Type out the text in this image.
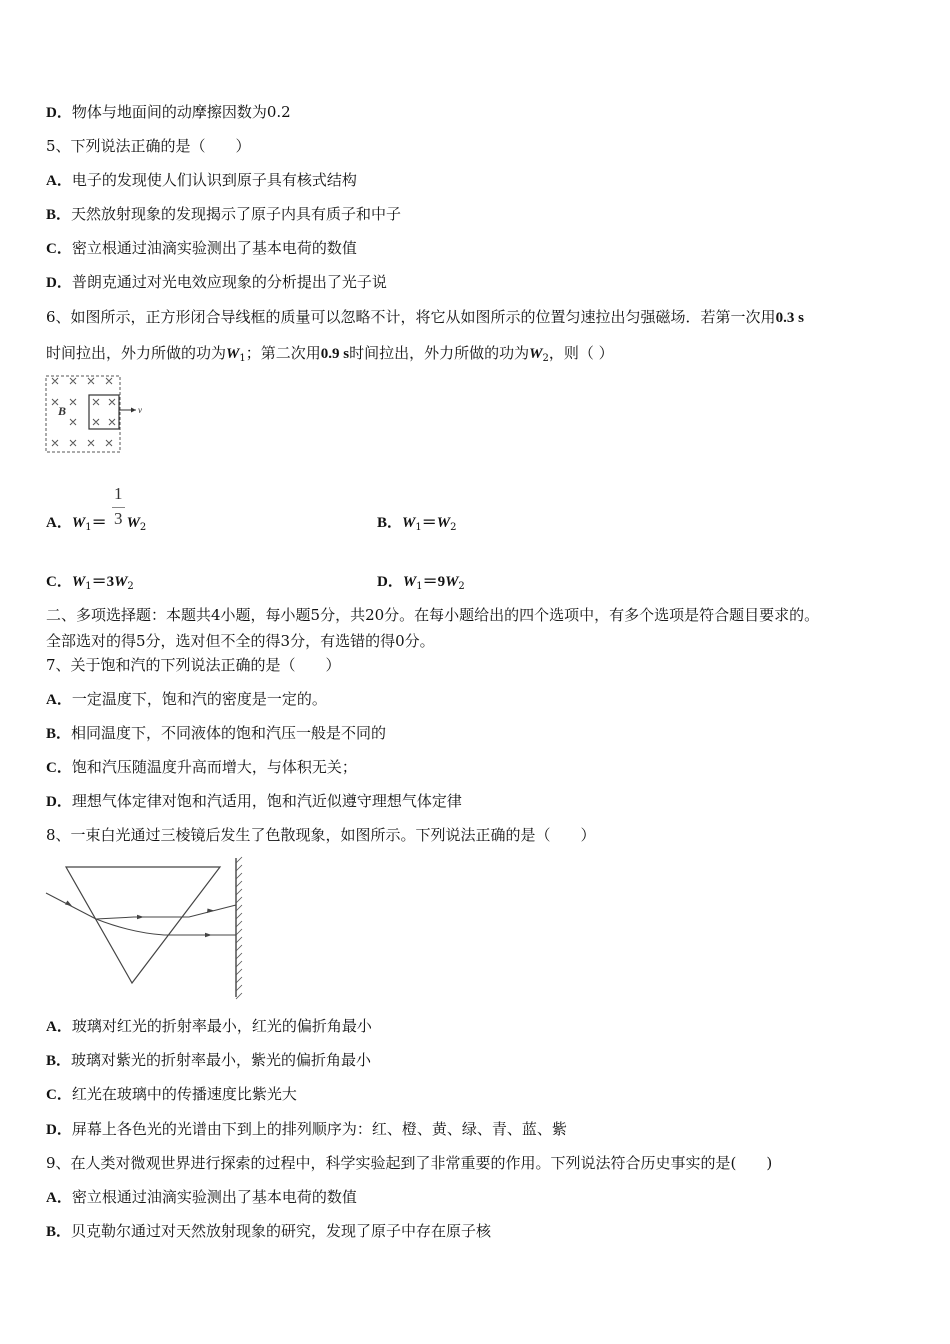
D．物体与地面间的动摩擦因数为0.2
5、下列说法正确的是（　　）
A．电子的发现使人们认识到原子具有核式结构
B．天然放射现象的发现揭示了原子内具有质子和中子
C．密立根通过油滴实验测出了基本电荷的数值
D．普朗克通过对光电效应现象的分析提出了光子说
6、如图所示，正方形闭合导线框的质量可以忽略不计，将它从如图所示的位置匀速拉出匀强磁场．若第一次用0.3 s
时间拉出，外力所做的功为$W_1$；第二次用0.9 s时间拉出，外力所做的功为$W_2$，则（ ）
B	v
1
3
A．$W_1= W_2$	B．$W_1=W_2$
C．$W_1=3W_2$	D．$W_1=9W_2$
二、多项选择题：本题共4小题，每小题5分，共20分。在每小题给出的四个选项中，有多个选项是符合题目要求的。
全部选对的得5分，选对但不全的得3分，有选错的得0分。
7、关于饱和汽的下列说法正确的是（　　）
A．一定温度下，饱和汽的密度是一定的。
B．相同温度下，不同液体的饱和汽压一般是不同的
C．饱和汽压随温度升高而增大，与体积无关；
D．理想气体定律对饱和汽适用，饱和汽近似遵守理想气体定律
8、一束白光通过三棱镜后发生了色散现象，如图所示。下列说法正确的是（　　）
A．玻璃对红光的折射率最小，红光的偏折角最小
B．玻璃对紫光的折射率最小，紫光的偏折角最小
C．红光在玻璃中的传播速度比紫光大
D．屏幕上各色光的光谱由下到上的排列顺序为：红、橙、黄、绿、青、蓝、紫
9、在人类对微观世界进行探索的过程中，科学实验起到了非常重要的作用。下列说法符合历史事实的是(　　)
A．密立根通过油滴实验测出了基本电荷的数值
B．贝克勒尔通过对天然放射现象的研究，发现了原子中存在原子核
